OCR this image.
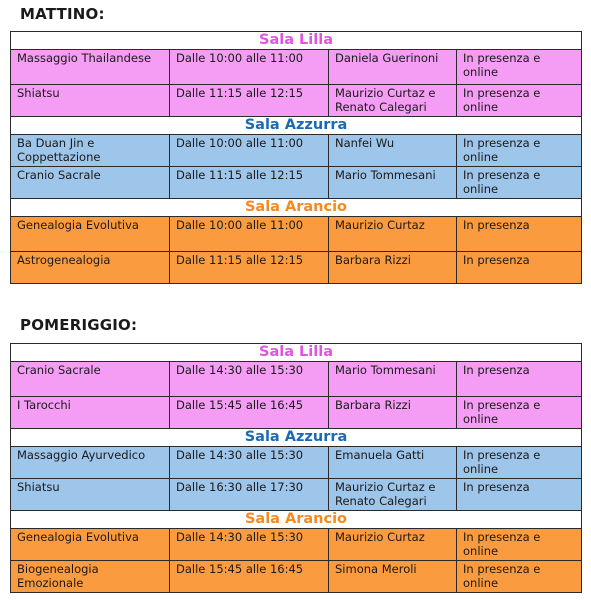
MATTINO:
Sala Lilla			
Massaggio Thailandese	Dalle 10:00 alle 11:00	Daniela Guerinoni	In presenza e online
Shiatsu	Dalle 11:15 alle 12:15	Maurizio Curtaz e Renato Calegari	In presenza e online
Sala Azzurra			
Ba Duan Jin e Coppettazione	Dalle 10:00 alle 11:00	Nanfei Wu	In presenza e online
Cranio Sacrale	Dalle 11:15 alle 12:15	Mario Tommesani	In presenza e online
Sala Arancio			
Genealogia Evolutiva	Dalle 10:00 alle 11:00	Maurizio Curtaz	In presenza
Astrogenealogia	Dalle 11:15 alle 12:15	Barbara Rizzi	In presenza
POMERIGGIO:
Sala Lilla			
Cranio Sacrale	Dalle 14:30 alle 15:30	Mario Tommesani	In presenza
I Tarocchi	Dalle 15:45 alle 16:45	Barbara Rizzi	In presenza e online
Sala Azzurra			
Massaggio Ayurvedico	Dalle 14:30 alle 15:30	Emanuela Gatti	In presenza e online
Shiatsu	Dalle 16:30 alle 17:30	Maurizio Curtaz e Renato Calegari	In presenza
Sala Arancio			
Genealogia Evolutiva	Dalle 14:30 alle 15:30	Maurizio Curtaz	In presenza e online
Biogenealogia Emozionale	Dalle 15:45 alle 16:45	Simona Meroli	In presenza e online
